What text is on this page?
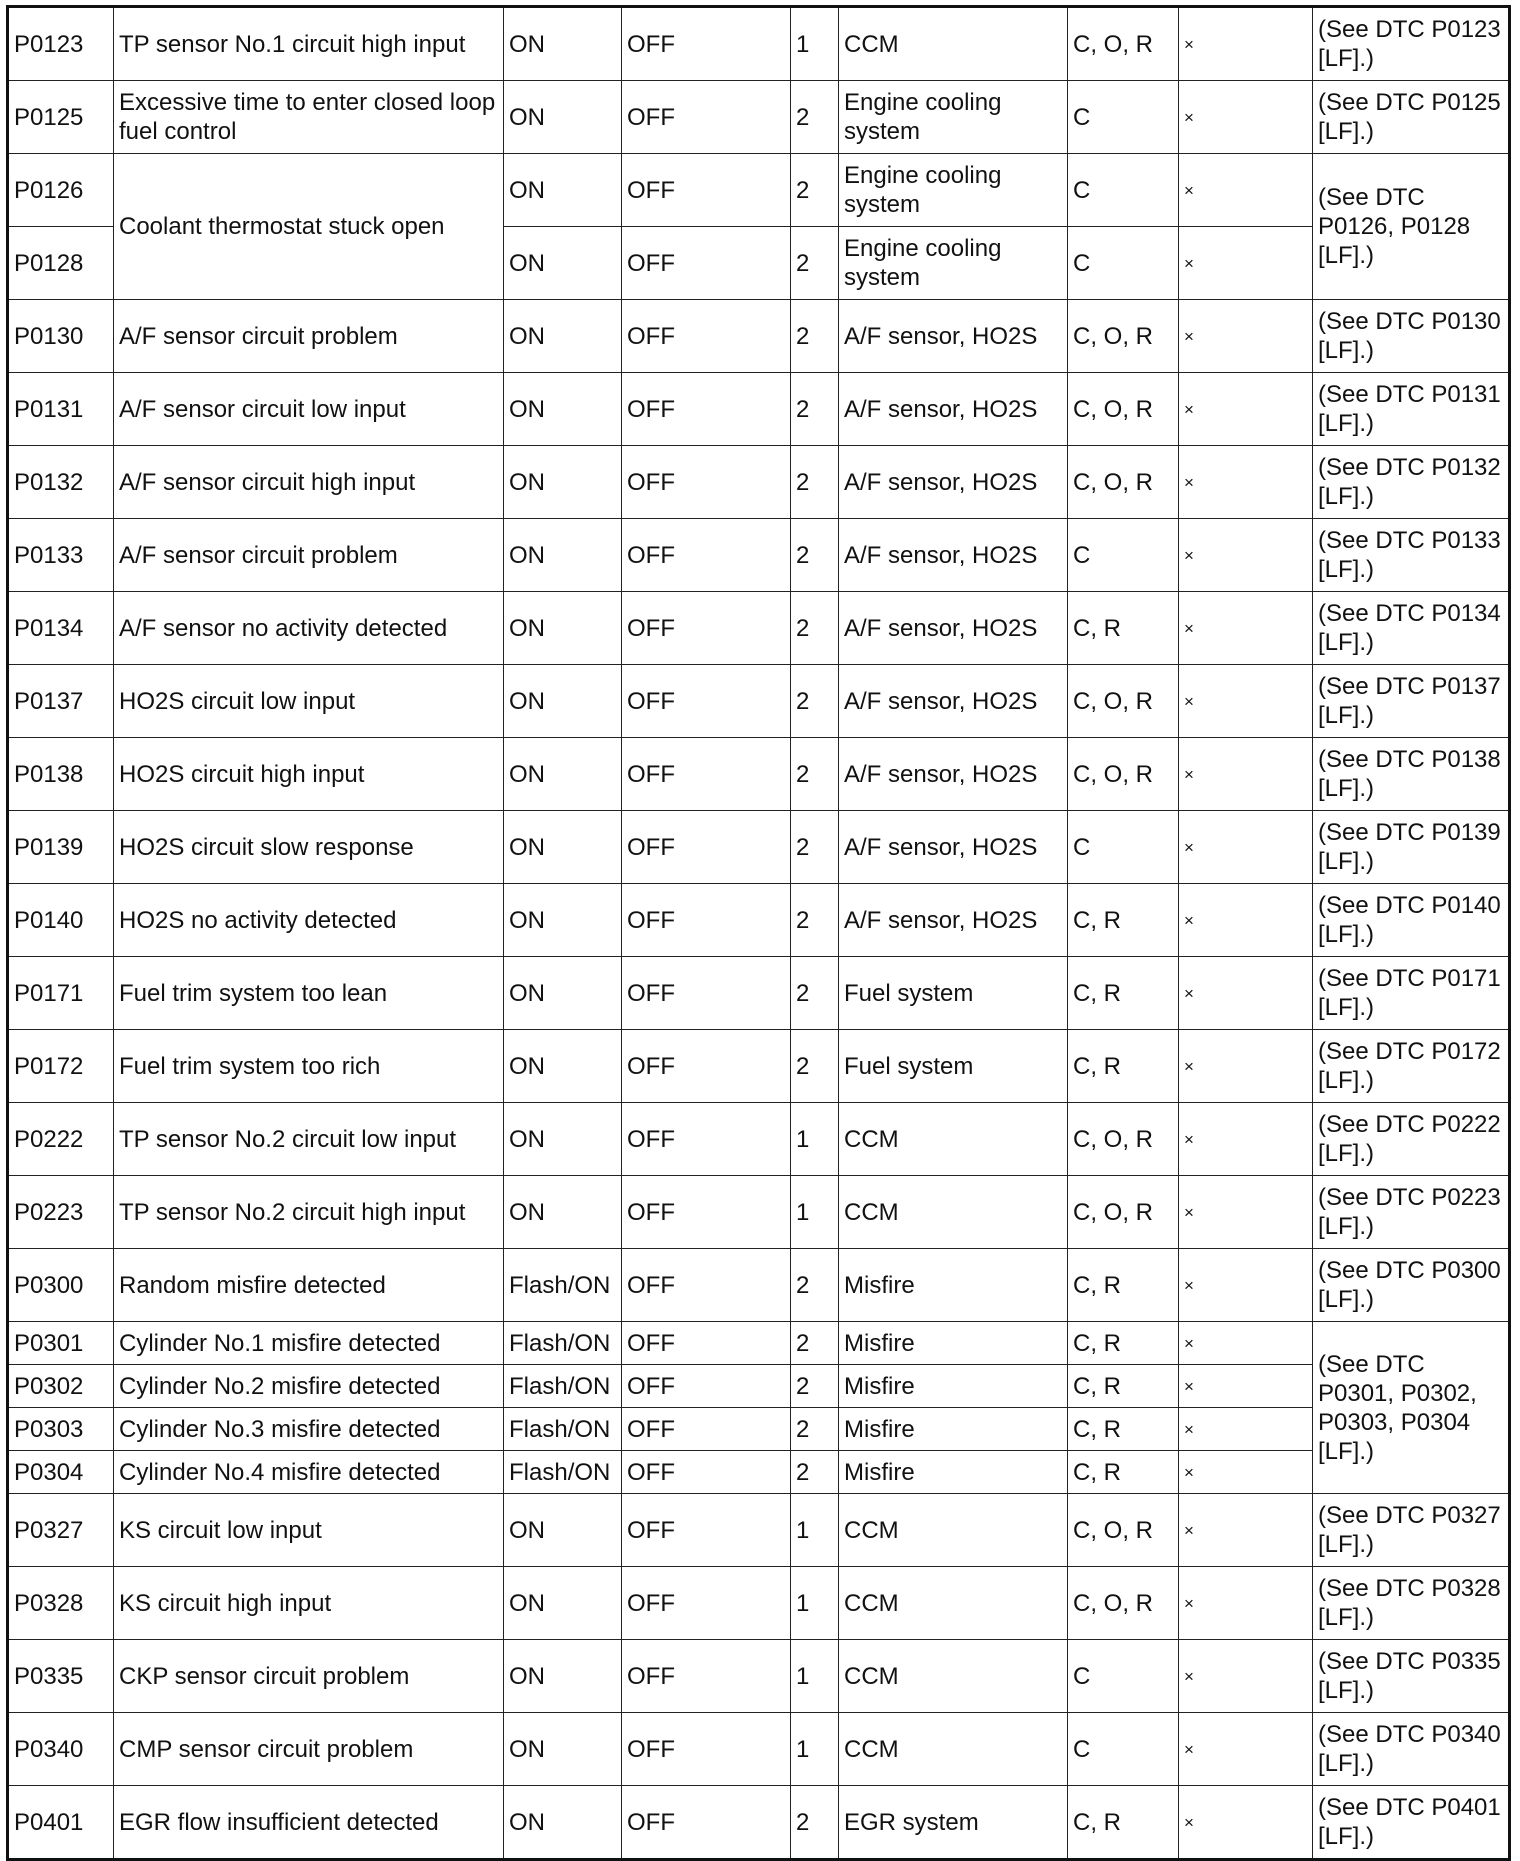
P0123	TP sensor No.1 circuit high input	ON	OFF	1	CCM	C, O, R	×	(See DTC P0123 [LF].)
P0125	Excessive time to enter closed loop fuel control	ON	OFF	2	Engine cooling system	C	×	(See DTC P0125 [LF].)
P0126	Coolant thermostat stuck open	ON	OFF	2	Engine cooling system	C	×	(See DTC P0126, P0128 [LF].)
P0128		ON	OFF	2	Engine cooling system	C	×	
P0130	A/F sensor circuit problem	ON	OFF	2	A/F sensor, HO2S	C, O, R	×	(See DTC P0130 [LF].)
P0131	A/F sensor circuit low input	ON	OFF	2	A/F sensor, HO2S	C, O, R	×	(See DTC P0131 [LF].)
P0132	A/F sensor circuit high input	ON	OFF	2	A/F sensor, HO2S	C, O, R	×	(See DTC P0132 [LF].)
P0133	A/F sensor circuit problem	ON	OFF	2	A/F sensor, HO2S	C	×	(See DTC P0133 [LF].)
P0134	A/F sensor no activity detected	ON	OFF	2	A/F sensor, HO2S	C, R	×	(See DTC P0134 [LF].)
P0137	HO2S circuit low input	ON	OFF	2	A/F sensor, HO2S	C, O, R	×	(See DTC P0137 [LF].)
P0138	HO2S circuit high input	ON	OFF	2	A/F sensor, HO2S	C, O, R	×	(See DTC P0138 [LF].)
P0139	HO2S circuit slow response	ON	OFF	2	A/F sensor, HO2S	C	×	(See DTC P0139 [LF].)
P0140	HO2S no activity detected	ON	OFF	2	A/F sensor, HO2S	C, R	×	(See DTC P0140 [LF].)
P0171	Fuel trim system too lean	ON	OFF	2	Fuel system	C, R	×	(See DTC P0171 [LF].)
P0172	Fuel trim system too rich	ON	OFF	2	Fuel system	C, R	×	(See DTC P0172 [LF].)
P0222	TP sensor No.2 circuit low input	ON	OFF	1	CCM	C, O, R	×	(See DTC P0222 [LF].)
P0223	TP sensor No.2 circuit high input	ON	OFF	1	CCM	C, O, R	×	(See DTC P0223 [LF].)
P0300	Random misfire detected	Flash/ON	OFF	2	Misfire	C, R	×	(See DTC P0300 [LF].)
P0301	Cylinder No.1 misfire detected	Flash/ON	OFF	2	Misfire	C, R	×	(See DTC P0301, P0302, P0303, P0304 [LF].)
P0302	Cylinder No.2 misfire detected	Flash/ON	OFF	2	Misfire	C, R	×	
P0303	Cylinder No.3 misfire detected	Flash/ON	OFF	2	Misfire	C, R	×	
P0304	Cylinder No.4 misfire detected	Flash/ON	OFF	2	Misfire	C, R	×	
P0327	KS circuit low input	ON	OFF	1	CCM	C, O, R	×	(See DTC P0327 [LF].)
P0328	KS circuit high input	ON	OFF	1	CCM	C, O, R	×	(See DTC P0328 [LF].)
P0335	CKP sensor circuit problem	ON	OFF	1	CCM	C	×	(See DTC P0335 [LF].)
P0340	CMP sensor circuit problem	ON	OFF	1	CCM	C	×	(See DTC P0340 [LF].)
P0401	EGR flow insufficient detected	ON	OFF	2	EGR system	C, R	×	(See DTC P0401 [LF].)
